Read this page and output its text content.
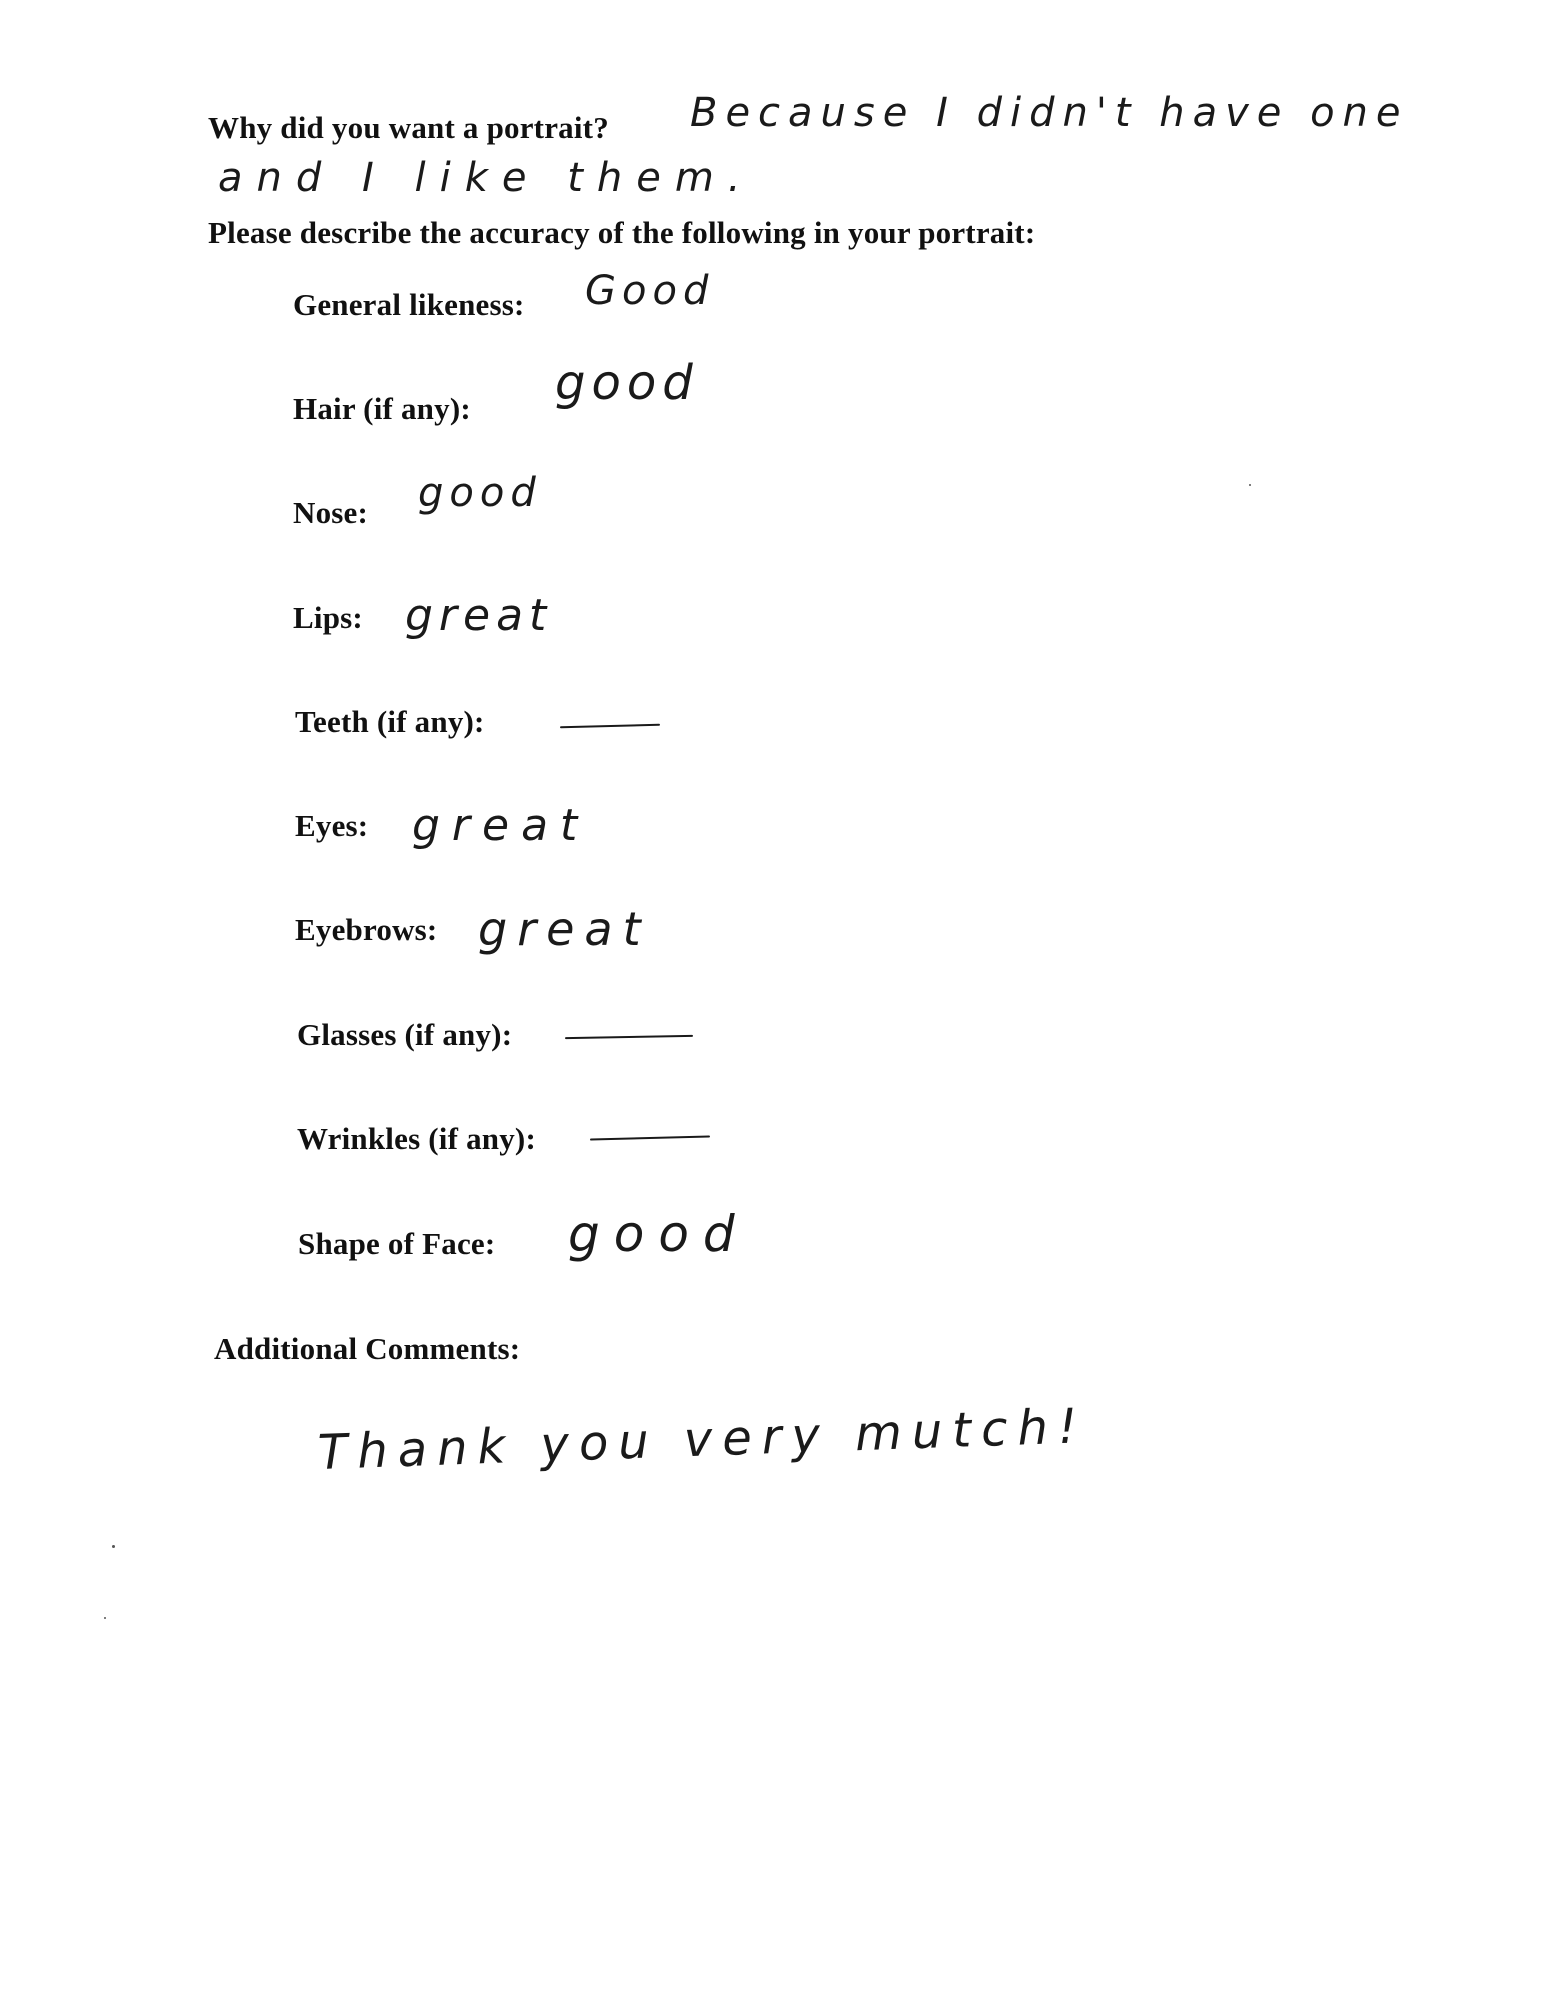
Why did you want a portrait? Because I didn't have one
and I like them.
Please describe the accuracy of the following in your portrait:
General likeness: Good
Hair (if any): good
Nose: good
Lips: great
Teeth (if any):
Eyes: great
Eyebrows: great
Glasses (if any):
Wrinkles (if any):
Shape of Face: good
Additional Comments:
Thank you very mutch!
